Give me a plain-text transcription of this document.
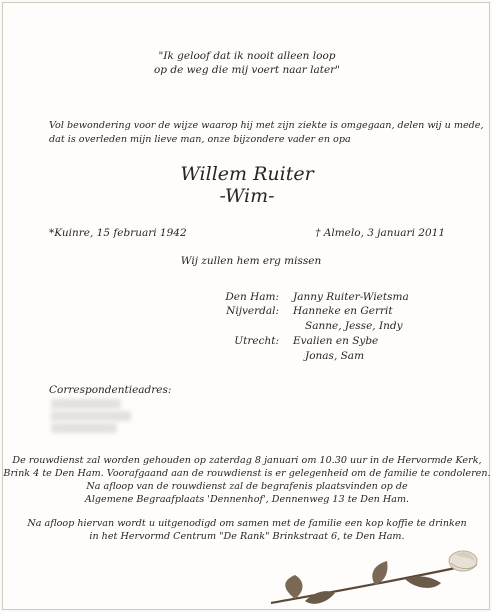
"Ik geloof dat ik nooit alleen loop
op de weg die mij voert naar later"
Vol bewondering voor de wijze waarop hij met zijn ziekte is omgegaan, delen wij u mede,
dat is overleden mijn lieve man, onze bijzondere vader en opa
Willem Ruiter
-Wim-
*Kuinre, 15 februari 1942	† Almelo, 3 januari 2011
Wij zullen hem erg missen
Den Ham: Janny Ruiter-Wietsma
Nijverdal: Hanneke en Gerrit
Sanne, Jesse, Indy
Utrecht: Evalien en Sybe
Jonas, Sam
Correspondentieadres:
De rouwdienst zal worden gehouden op zaterdag 8 januari om 10.30 uur in de Hervormde Kerk,
Brink 4 te Den Ham. Voorafgaand aan de rouwdienst is er gelegenheid om de familie te condoleren.
Na afloop van de rouwdienst zal de begrafenis plaatsvinden op de
Algemene Begraafplaats 'Dennenhof', Dennenweg 13 te Den Ham.
Na afloop hiervan wordt u uitgenodigd om samen met de familie een kop koffie te drinken
in het Hervormd Centrum "De Rank" Brinkstraat 6, te Den Ham.
